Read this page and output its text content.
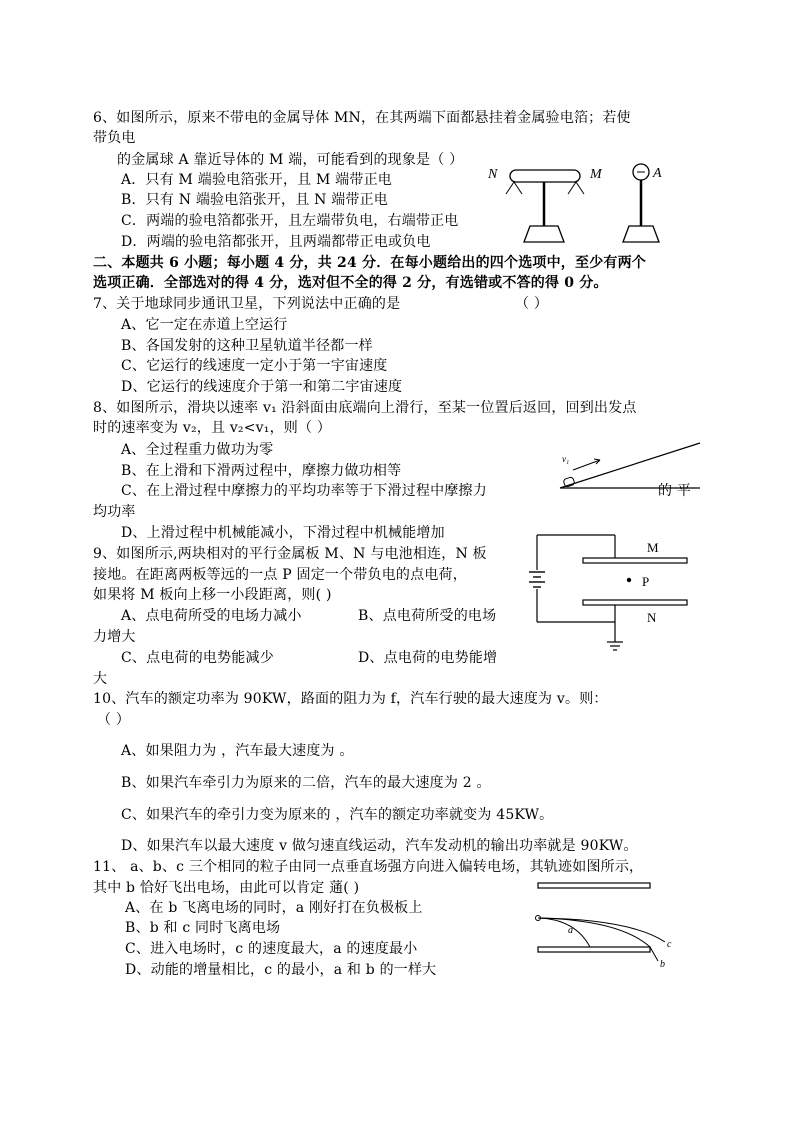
6、如图所示，原来不带电的金属导体 MN，在其两端下面都悬挂着金属验电箔；若使
带负电
的金属球 A 靠近导体的 M 端，可能看到的现象是（ ）
A．只有 M 端验电箔张开，且 M 端带正电
B．只有 N 端验电箔张开，且 N 端带正电
C．两端的验电箔都张开，且左端带负电，右端带正电
D．两端的验电箔都张开，且两端都带正电或负电
N	M	A
二、本题共 6 小题；每小题 4 分，共 24 分．在每小题给出的四个选项中，至少有两个
选项正确．全部选对的得 4 分，选对但不全的得 2 分，有选错或不答的得 0 分。
7、关于地球同步通讯卫星，下列说法中正确的是	（ ）
A、它一定在赤道上空运行
B、各国发射的这种卫星轨道半径都一样
C、它运行的线速度一定小于第一宇宙速度
D、它运行的线速度介于第一和第二宇宙速度
8、如图所示，滑块以速率 v₁ 沿斜面由底端向上滑行，至某一位置后返回，回到出发点
时的速率变为 v₂，且 v₂<v₁，则（ ）
A、全过程重力做功为零
B、在上滑和下滑两过程中，摩擦力做功相等
C、在上滑过程中摩擦力的平均功率等于下滑过程中摩擦力	的 平
均功率
D、上滑过程中机械能减小，下滑过程中机械能增加
v₁
9、如图所示,两块相对的平行金属板 M、N 与电池相连，N 板
接地。在距离两板等远的一点 P 固定一个带负电的点电荷，
如果将 M 板向上移一小段距离，则( )
A、点电荷所受的电场力减小	B、点电荷所受的电场
力增大
C、点电荷的电势能减少	D、点电荷的电势能增
大
M
P
N
10、汽车的额定功率为 90KW，路面的阻力为 f，汽车行驶的最大速度为 v。则：
（ ）
A、如果阻力为 ，汽车最大速度为 。
B、如果汽车牵引力为原来的二倍，汽车的最大速度为 2 。
C、如果汽车的牵引力变为原来的 ，汽车的额定功率就变为 45KW。
D、如果汽车以最大速度 v 做匀速直线运动，汽车发动机的输出功率就是 90KW。
11、 a、b、c 三个相同的粒子由同一点垂直场强方向进入偏转电场，其轨迹如图所示，
其中 b 恰好飞出电场，由此可以肯定 蓪( )
A、在 b 飞离电场的同时，a 刚好打在负极板上
B、b 和 c 同时飞离电场
C、进入电场时，c 的速度最大，a 的速度最小
D、动能的增量相比，c 的最小，a 和 b 的一样大
a
b
c
